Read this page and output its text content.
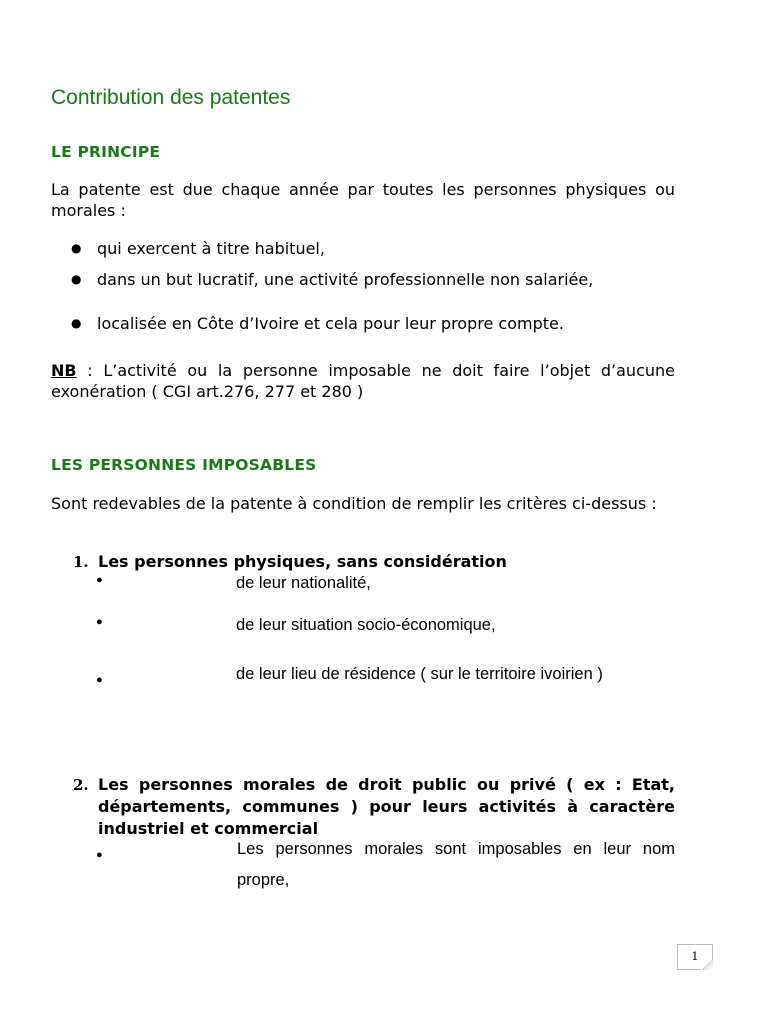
Contribution des patentes
LE PRINCIPE

La patente est due chaque année par toutes les personnes physiques ou morales :

● qui exercent à titre habituel,

● dans un but lucratif, une activité professionnelle non salariée,

● localisée en Côte d’Ivoire et cela pour leur propre compte.

NB : L’activité ou la personne imposable ne doit faire l’objet d’aucune exonération ( CGI art.276, 277 et 280 )

LES PERSONNES IMPOSABLES

Sont redevables de la patente à condition de remplir les critères ci-dessus :

1. Les personnes physiques, sans considération
●	de leur nationalité,
●	de leur situation socio-économique,
●	de leur lieu de résidence ( sur le territoire ivoirien )
2. Les personnes morales de droit public ou privé ( ex : Etat, départements, communes ) pour leurs activités à caractère industriel et commercial
●	Les personnes morales sont imposables en leur nom propre,
1
